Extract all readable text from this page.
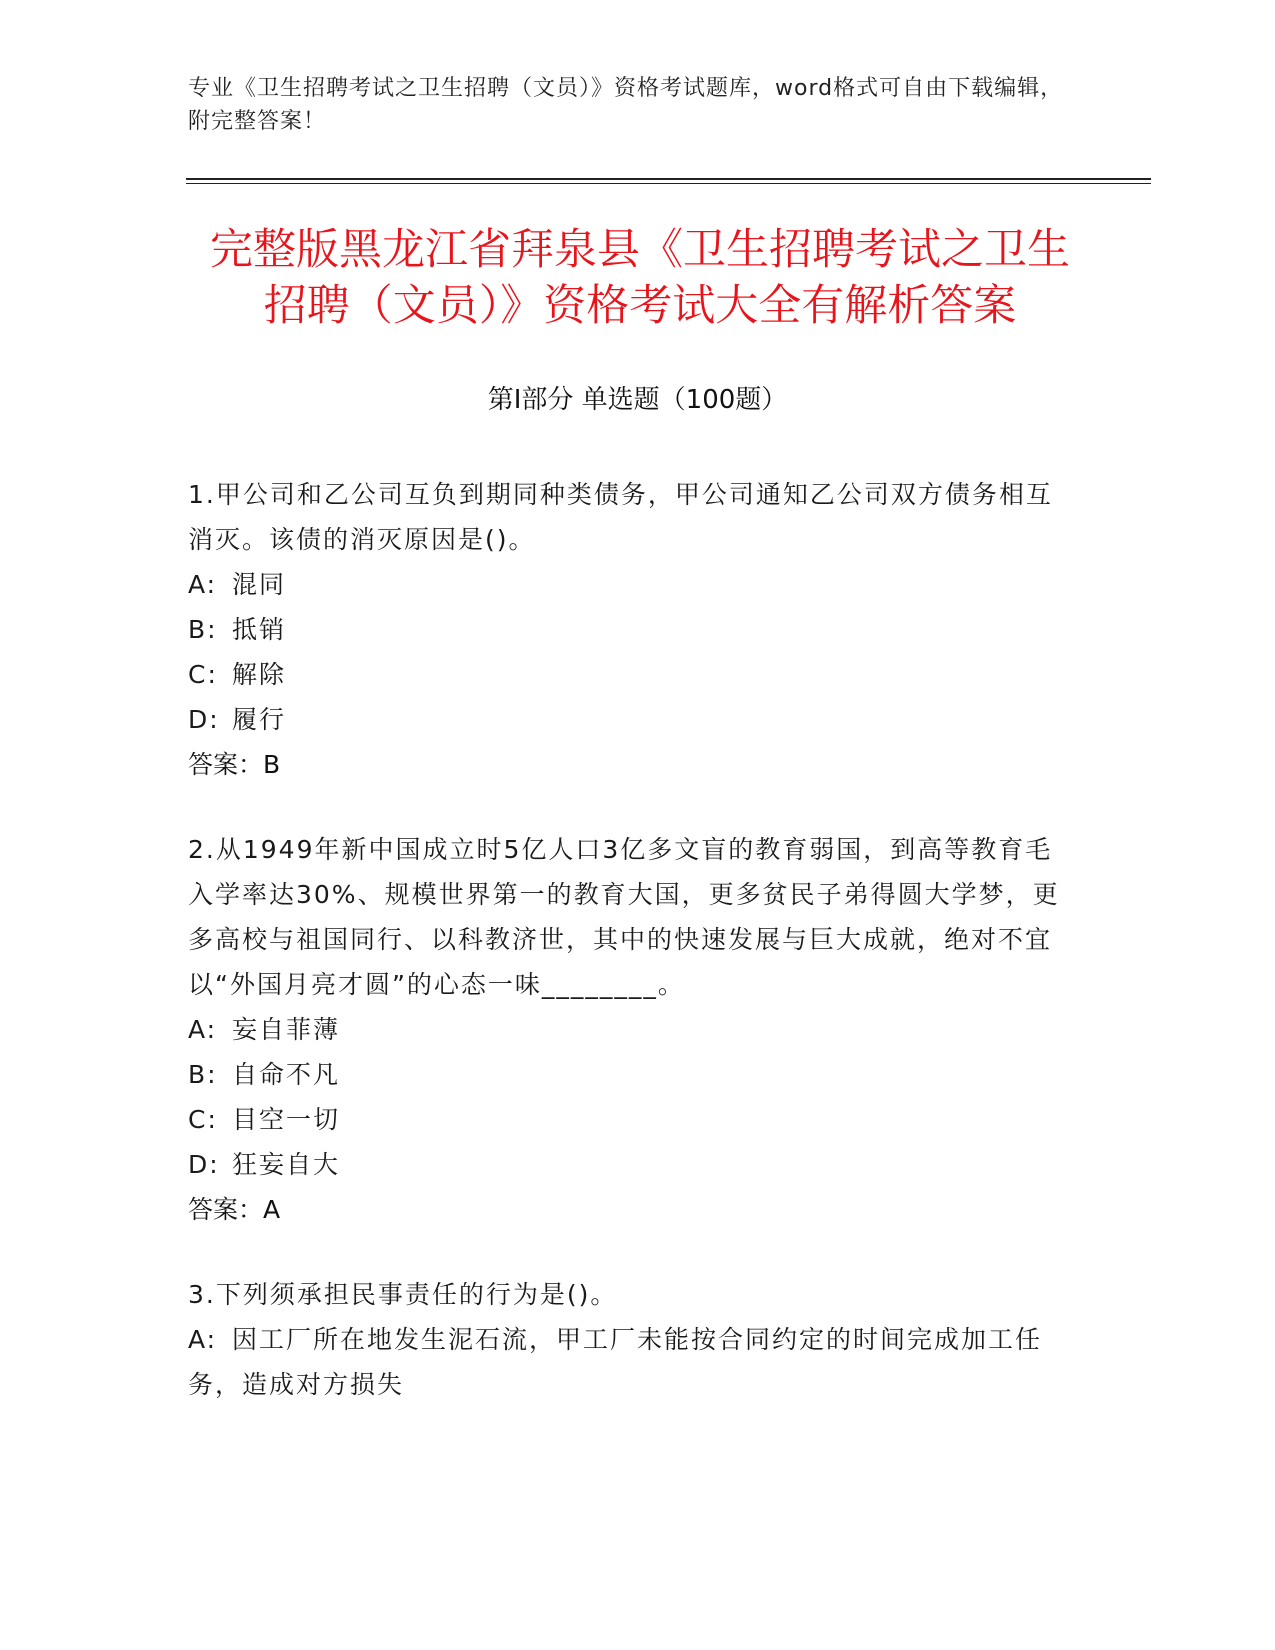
专业《卫生招聘考试之卫生招聘（文员）》资格考试题库，word格式可自由下载编辑，附完整答案！
完整版黑龙江省拜泉县《卫生招聘考试之卫生招聘（文员）》资格考试大全有解析答案
第Ⅰ部分 单选题（100题）

1.甲公司和乙公司互负到期同种类债务，甲公司通知乙公司双方债务相互消灭。该债的消灭原因是()。

A: 混同

B: 抵销

C: 解除

D: 履行

答案：B

2.从1949年新中国成立时5亿人口3亿多文盲的教育弱国，到高等教育毛入学率达30%、规模世界第一的教育大国，更多贫民子弟得圆大学梦，更多高校与祖国同行、以科教济世，其中的快速发展与巨大成就，绝对不宜以“外国月亮才圆”的心态一味________。

A: 妄自菲薄

B: 自命不凡

C: 目空一切

D: 狂妄自大

答案：A

3.下列须承担民事责任的行为是()。

A: 因工厂所在地发生泥石流，甲工厂未能按合同约定的时间完成加工任务，造成对方损失
